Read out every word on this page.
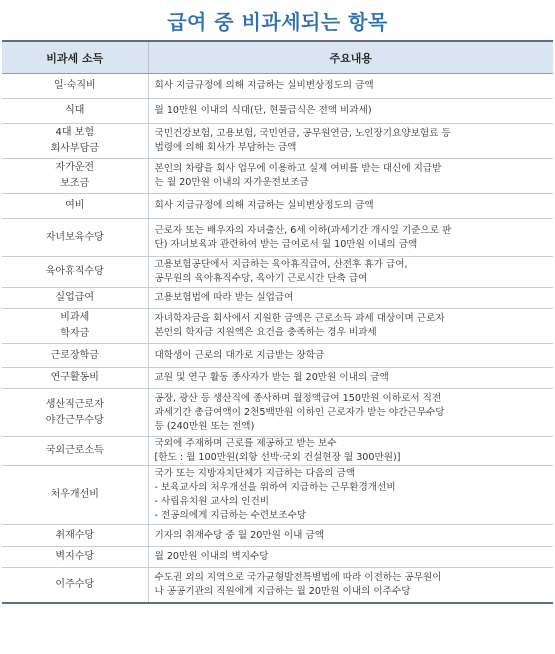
급여 중 비과세되는 항목
비과세 소득	주요내용
일·숙직비	회사 지급규정에 의해 지급하는 실비변상정도의 금액
식대	월 10만원 이내의 식대(단, 현물급식은 전액 비과세)
4대 보험
회사부담금	국민건강보험, 고용보험, 국민연금, 공무원연금, 노인장기요양보험료 등
법령에 의해 회사가 부담하는 금액
자가운전
보조금	본인의 차량을 회사 업무에 이용하고 실제 여비를 받는 대신에 지급받
는 월 20만원 이내의 자가운전보조금
여비	회사 지급규정에 의해 지급하는 실비변상정도의 금액
자녀보육수당	근로자 또는 배우자의 자녀출산, 6세 이하(과세기간 개시일 기준으로 판
단) 자녀보육과 관련하여 받는 급여로서 월 10만원 이내의 금액
육아휴직수당	고용보험공단에서 지급하는 육아휴직급여, 산전후 휴가 급여,
공무원의 육아휴직수당, 육아기 근로시간 단축 급여
실업급여	고용보험법에 따라 받는 실업급여
비과세
학자금	자녀학자금을 회사에서 지원한 금액은 근로소득 과세 대상이며 근로자
본인의 학자금 지원액은 요건을 충족하는 경우 비과세
근로장학금	대학생이 근로의 대가로 지급받는 장학금
연구활동비	교원 및 연구 활동 종사자가 받는 월 20만원 이내의 금액
생산직근로자
야간근무수당	공장, 광산 등 생산직에 종사하며 월정액급여 150만원 이하로서 직전
과세기간 총급여액이 2천5백만원 이하인 근로자가 받는 야간근무수당
등 (240만원 또는 전액)
국외근로소득	국외에 주재하며 근로를 제공하고 받는 보수
[한도 : 월 100만원(외항 선박·국외 건설현장 월 300만원)]
처우개선비	국가 또는 지방자치단체가 지급하는 다음의 금액
- 보육교사의 처우개선을 위하여 지급하는 근무환경개선비
- 사립유치원 교사의 인건비
- 전공의에게 지급하는 수련보조수당
취재수당	기자의 취재수당 중 월 20만원 이내 금액
벽지수당	월 20만원 이내의 벽지수당
이주수당	수도권 외의 지역으로 국가균형발전특별법에 따라 이전하는 공무원이
나 공공기관의 직원에게 지급하는 월 20만원 이내의 이주수당
